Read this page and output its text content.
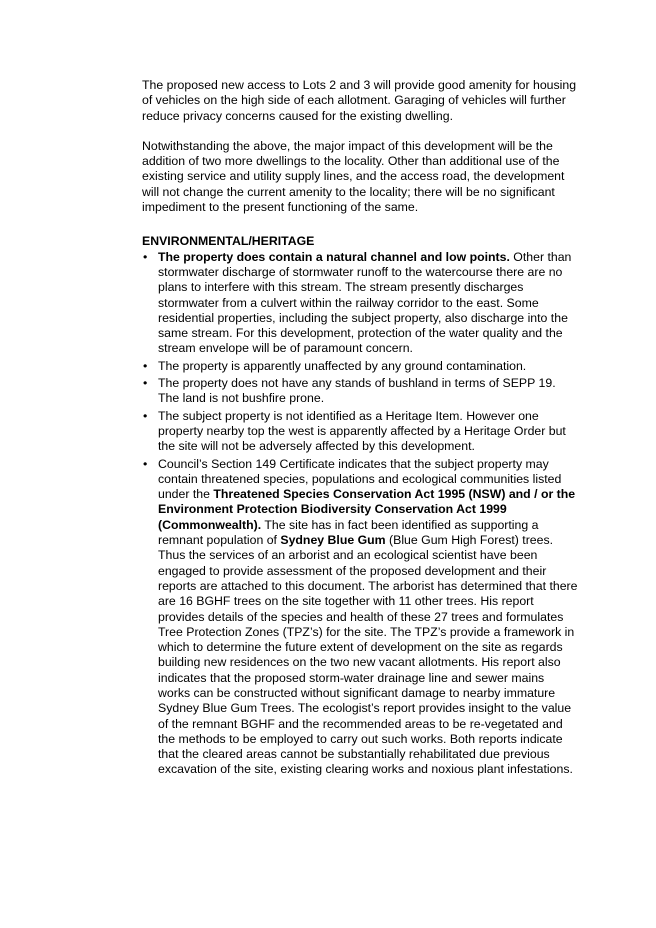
The proposed new access to Lots 2 and 3 will provide good amenity for housing of vehicles on the high side of each allotment. Garaging of vehicles will further reduce privacy concerns caused for the existing dwelling.

Notwithstanding the above, the major impact of this development will be the addition of two more dwellings to the locality. Other than additional use of the existing service and utility supply lines, and the access road, the development will not change the current amenity to the locality; there will be no significant impediment to the present functioning of the same.

ENVIRONMENTAL/HERITAGE
• The property does contain a natural channel and low points. Other than stormwater discharge of stormwater runoff to the watercourse there are no plans to interfere with this stream. The stream presently discharges stormwater from a culvert within the railway corridor to the east. Some residential properties, including the subject property, also discharge into the same stream. For this development, protection of the water quality and the stream envelope will be of paramount concern.
• The property is apparently unaffected by any ground contamination.
• The property does not have any stands of bushland in terms of SEPP 19. The land is not bushfire prone.
• The subject property is not identified as a Heritage Item. However one property nearby top the west is apparently affected by a Heritage Order but the site will not be adversely affected by this development.
• Council’s Section 149 Certificate indicates that the subject property may contain threatened species, populations and ecological communities listed under the Threatened Species Conservation Act 1995 (NSW) and / or the Environment Protection Biodiversity Conservation Act 1999 (Commonwealth). The site has in fact been identified as supporting a remnant population of Sydney Blue Gum (Blue Gum High Forest) trees. Thus the services of an arborist and an ecological scientist have been engaged to provide assessment of the proposed development and their reports are attached to this document. The arborist has determined that there are 16 BGHF trees on the site together with 11 other trees. His report provides details of the species and health of these 27 trees and formulates Tree Protection Zones (TPZ’s) for the site. The TPZ’s provide a framework in which to determine the future extent of development on the site as regards building new residences on the two new vacant allotments. His report also indicates that the proposed storm-water drainage line and sewer mains works can be constructed without significant damage to nearby immature Sydney Blue Gum Trees. The ecologist’s report provides insight to the value of the remnant BGHF and the recommended areas to be re-vegetated and the methods to be employed to carry out such works. Both reports indicate that the cleared areas cannot be substantially rehabilitated due previous excavation of the site, existing clearing works and noxious plant infestations.
